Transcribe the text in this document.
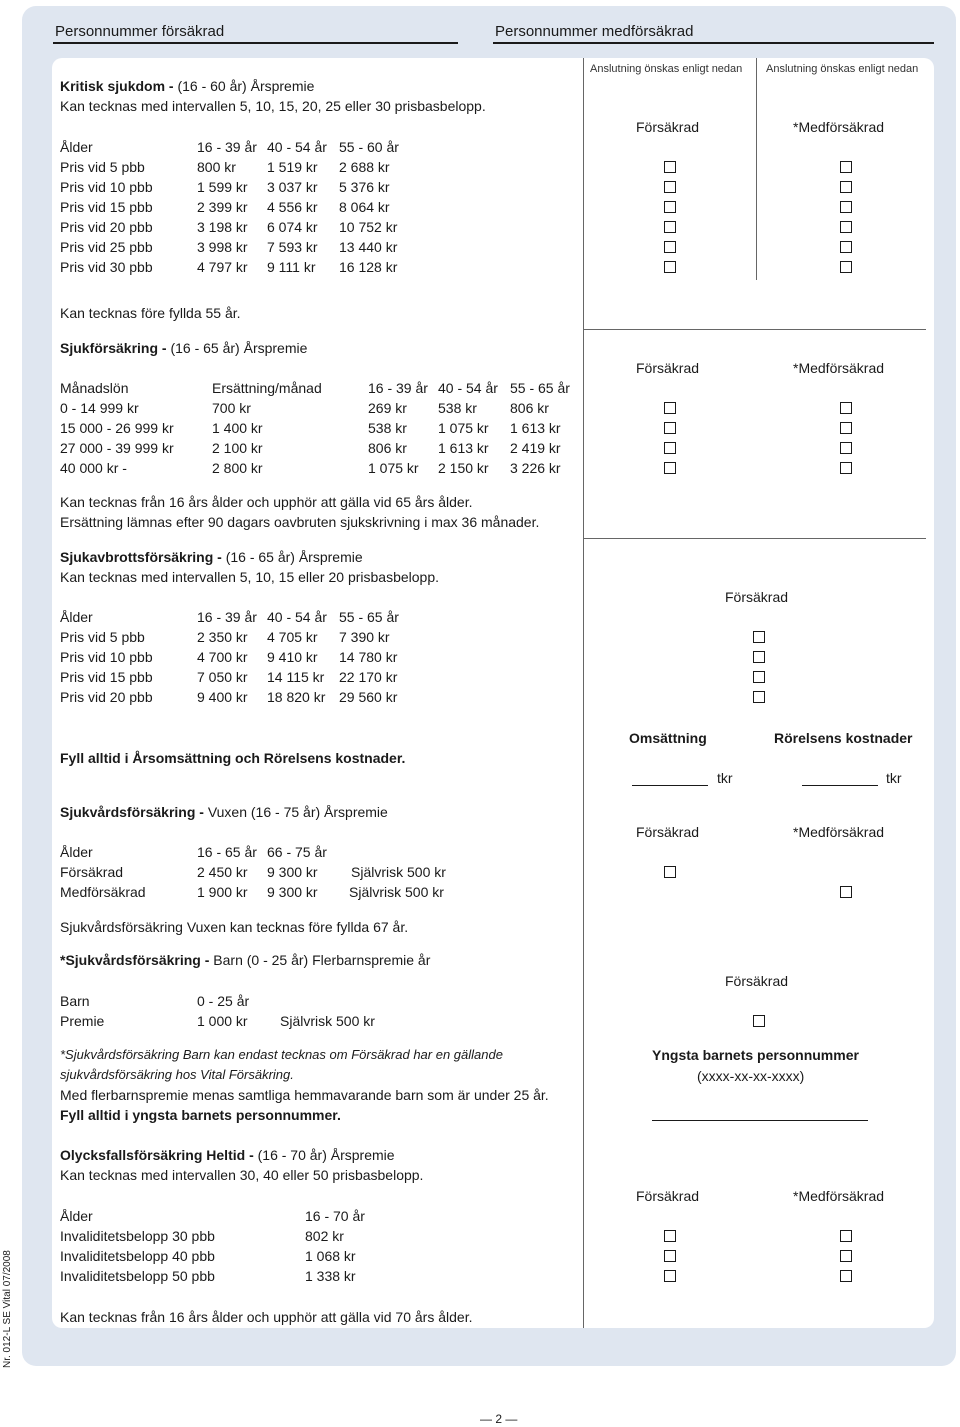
Personnummer försäkrad	Personnummer medförsäkrad
Anslutning önskas enligt nedan Anslutning önskas enligt nedan
Kritisk sjukdom - (16 - 60 år) Årspremie
Kan tecknas med intervallen 5, 10, 15, 20, 25 eller 30 prisbasbelopp.
Försäkrad	*Medförsäkrad
Ålder	16 - 39 år 40 - 54 år 55 - 60 år
Pris vid 5 pbb	800 kr 1 519 kr 2 688 kr
Pris vid 10 pbb	1 599 kr 3 037 kr 5 376 kr
Pris vid 15 pbb	2 399 kr 4 556 kr 8 064 kr
Pris vid 20 pbb	3 198 kr 6 074 kr 10 752 kr
Pris vid 25 pbb	3 998 kr 7 593 kr 13 440 kr
Pris vid 30 pbb	4 797 kr 9 111 kr 16 128 kr
Kan tecknas före fyllda 55 år.
Sjukförsäkring - (16 - 65 år) Årspremie
Försäkrad	*Medförsäkrad
Månadslön	Ersättning/månad	16 - 39 år 40 - 54 år 55 - 65 år
0 - 14 999 kr	700 kr	269 kr 538 kr 806 kr
15 000 - 26 999 kr	1 400 kr	538 kr 1 075 kr 1 613 kr
27 000 - 39 999 kr	2 100 kr	806 kr 1 613 kr 2 419 kr
40 000 kr -	2 800 kr	1 075 kr 2 150 kr 3 226 kr
Kan tecknas från 16 års ålder och upphör att gälla vid 65 års ålder.
Ersättning lämnas efter 90 dagars oavbruten sjukskrivning i max 36 månader.
Sjukavbrottsförsäkring - (16 - 65 år) Årspremie
Kan tecknas med intervallen 5, 10, 15 eller 20 prisbasbelopp.
Försäkrad
Ålder	16 - 39 år 40 - 54 år 55 - 65 år
Pris vid 5 pbb	2 350 kr 4 705 kr 7 390 kr
Pris vid 10 pbb	4 700 kr 9 410 kr 14 780 kr
Pris vid 15 pbb	7 050 kr 14 115 kr 22 170 kr
Pris vid 20 pbb	9 400 kr 18 820 kr 29 560 kr
Omsättning	Rörelsens kostnader
Fyll alltid i Årsomsättning och Rörelsens kostnader.
tkr	tkr
Sjukvårdsförsäkring - Vuxen (16 - 75 år) Årspremie
Försäkrad	*Medförsäkrad
Ålder	16 - 65 år 66 - 75 år
Försäkrad	2 450 kr 9 300 kr Självrisk 500 kr
Medförsäkrad	1 900 kr 9 300 kr Självrisk 500 kr
Sjukvårdsförsäkring Vuxen kan tecknas före fyllda 67 år.
*Sjukvårdsförsäkring - Barn (0 - 25 år) Flerbarnspremie år
Försäkrad
Barn	0 - 25 år
Premie	1 000 kr Självrisk 500 kr
*Sjukvårdsförsäkring Barn kan endast tecknas om Försäkrad har en gällande
sjukvårdsförsäkring hos Vital Försäkring.
Med flerbarnspremie menas samtliga hemmavarande barn som är under 25 år.
Fyll alltid i yngsta barnets personnummer.
Yngsta barnets personnummer
(xxxx-xx-xx-xxxx)
Olycksfallsförsäkring Heltid - (16 - 70 år) Årspremie
Kan tecknas med intervallen 30, 40 eller 50 prisbasbelopp.
Försäkrad	*Medförsäkrad
Ålder	16 - 70 år
Invaliditetsbelopp 30 pbb	802 kr
Invaliditetsbelopp 40 pbb	1 068 kr
Invaliditetsbelopp 50 pbb	1 338 kr
Kan tecknas från 16 års ålder och upphör att gälla vid 70 års ålder.
Nr. 012-L SE Vital 07/2008
— 2 —
